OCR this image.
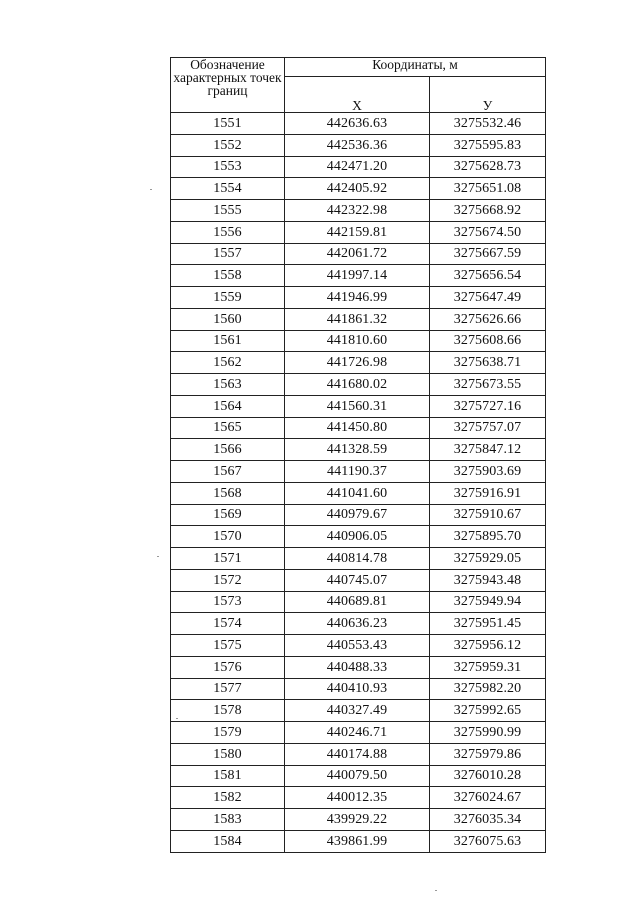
Обозначение характерных точек границ	Координаты, м	
	X	У
1551	442636.63	3275532.46
1552	442536.36	3275595.83
1553	442471.20	3275628.73
1554	442405.92	3275651.08
1555	442322.98	3275668.92
1556	442159.81	3275674.50
1557	442061.72	3275667.59
1558	441997.14	3275656.54
1559	441946.99	3275647.49
1560	441861.32	3275626.66
1561	441810.60	3275608.66
1562	441726.98	3275638.71
1563	441680.02	3275673.55
1564	441560.31	3275727.16
1565	441450.80	3275757.07
1566	441328.59	3275847.12
1567	441190.37	3275903.69
1568	441041.60	3275916.91
1569	440979.67	3275910.67
1570	440906.05	3275895.70
1571	440814.78	3275929.05
1572	440745.07	3275943.48
1573	440689.81	3275949.94
1574	440636.23	3275951.45
1575	440553.43	3275956.12
1576	440488.33	3275959.31
1577	440410.93	3275982.20
1578	440327.49	3275992.65
1579	440246.71	3275990.99
1580	440174.88	3275979.86
1581	440079.50	3276010.28
1582	440012.35	3276024.67
1583	439929.22	3276035.34
1584	439861.99	3276075.63
